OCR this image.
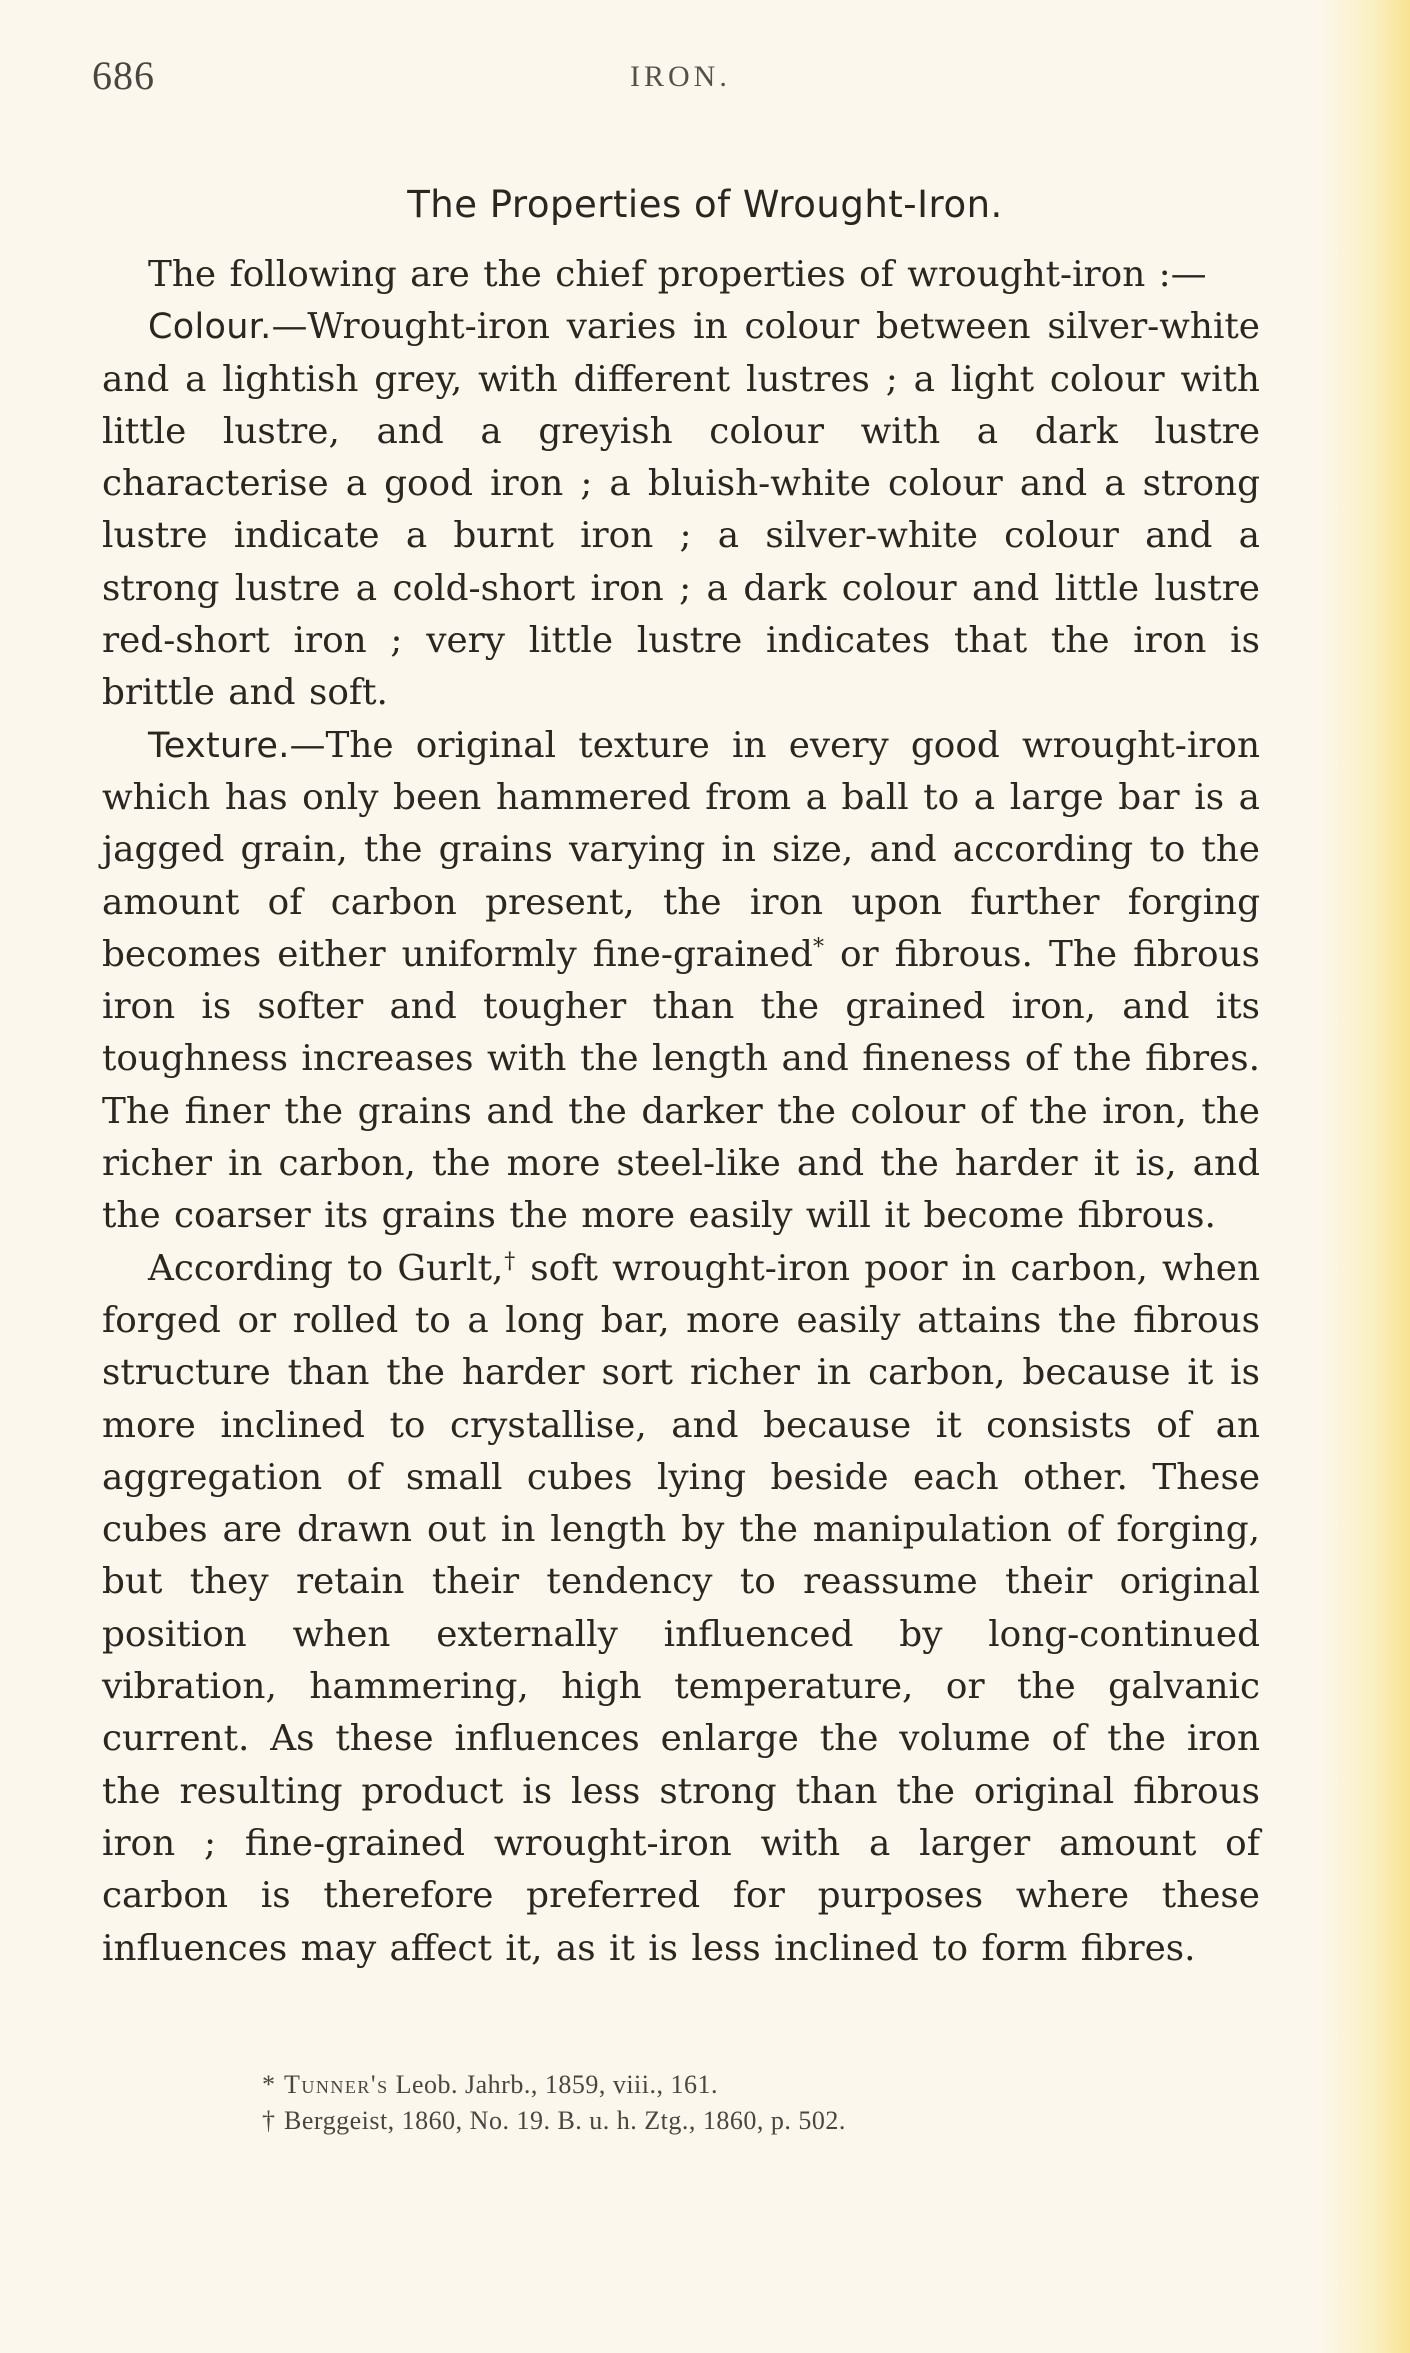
686	IRON.
The Properties of Wrought-Iron.

The following are the chief properties of wrought-iron :—

Colour.—Wrought-iron varies in colour between silver-white and a lightish grey, with different lustres ; a light colour with little lustre, and a greyish colour with a dark lustre characterise a good iron ; a bluish-white colour and a strong lustre indicate a burnt iron ; a silver-white colour and a strong lustre a cold-short iron ; a dark colour and little lustre red-short iron ; very little lustre indicates that the iron is brittle and soft.

Texture.—The original texture in every good wrought-iron which has only been hammered from a ball to a large bar is a jagged grain, the grains varying in size, and according to the amount of carbon present, the iron upon further forging becomes either uniformly fine-grained* or fibrous. The fibrous iron is softer and tougher than the grained iron, and its toughness increases with the length and fineness of the fibres. The finer the grains and the darker the colour of the iron, the richer in carbon, the more steel-like and the harder it is, and the coarser its grains the more easily will it become fibrous.

According to Gurlt,† soft wrought-iron poor in carbon, when forged or rolled to a long bar, more easily attains the fibrous structure than the harder sort richer in carbon, because it is more inclined to crystallise, and because it consists of an aggregation of small cubes lying beside each other. These cubes are drawn out in length by the manipulation of forging, but they retain their tendency to reassume their original position when externally influenced by long-continued vibration, hammering, high temperature, or the galvanic current. As these influences enlarge the volume of the iron the resulting product is less strong than the original fibrous iron ; fine-grained wrought-iron with a larger amount of carbon is therefore preferred for purposes where these influences may affect it, as it is less inclined to form fibres.

* Tunner's Leob. Jahrb., 1859, viii., 161.

† Berggeist, 1860, No. 19. B. u. h. Ztg., 1860, p. 502.
